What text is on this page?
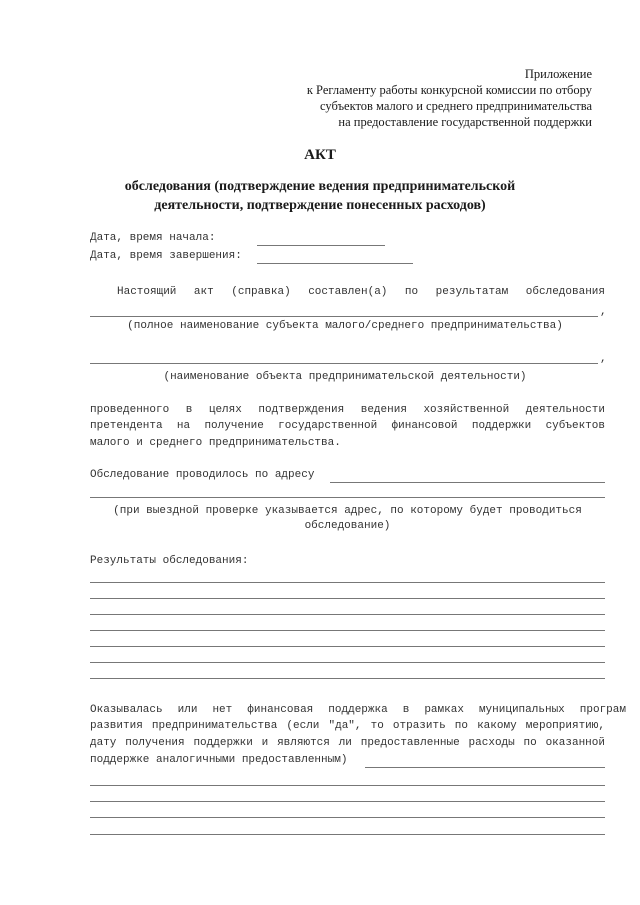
Приложение
к Регламенту работы конкурсной комиссии по отбору
субъектов малого и среднего предпринимательства
на предоставление государственной поддержки
АКТ
обследования (подтверждение ведения предпринимательской
деятельности, подтверждение понесенных расходов)
Дата, время начала:
Дата, время завершения:
Настоящий акт (справка) составлен(а) по результатам обследования
,
(полное наименование субъекта малого/среднего предпринимательства)
,
(наименование объекта предпринимательской деятельности)
проведенного в целях подтверждения ведения хозяйственной деятельности
претендента на получение государственной финансовой поддержки субъектов
малого и среднего предпринимательства.
Обследование проводилось по адресу
(при выездной проверке указывается адрес, по которому будет проводиться
обследование)
Результаты обследования:
Оказывалась или нет финансовая поддержка в рамках муниципальных програм
развития предпринимательства (если "да", то отразить по какому мероприятию,
дату получения поддержки и являются ли предоставленные расходы по оказанной
поддержке аналогичными предоставленным)
